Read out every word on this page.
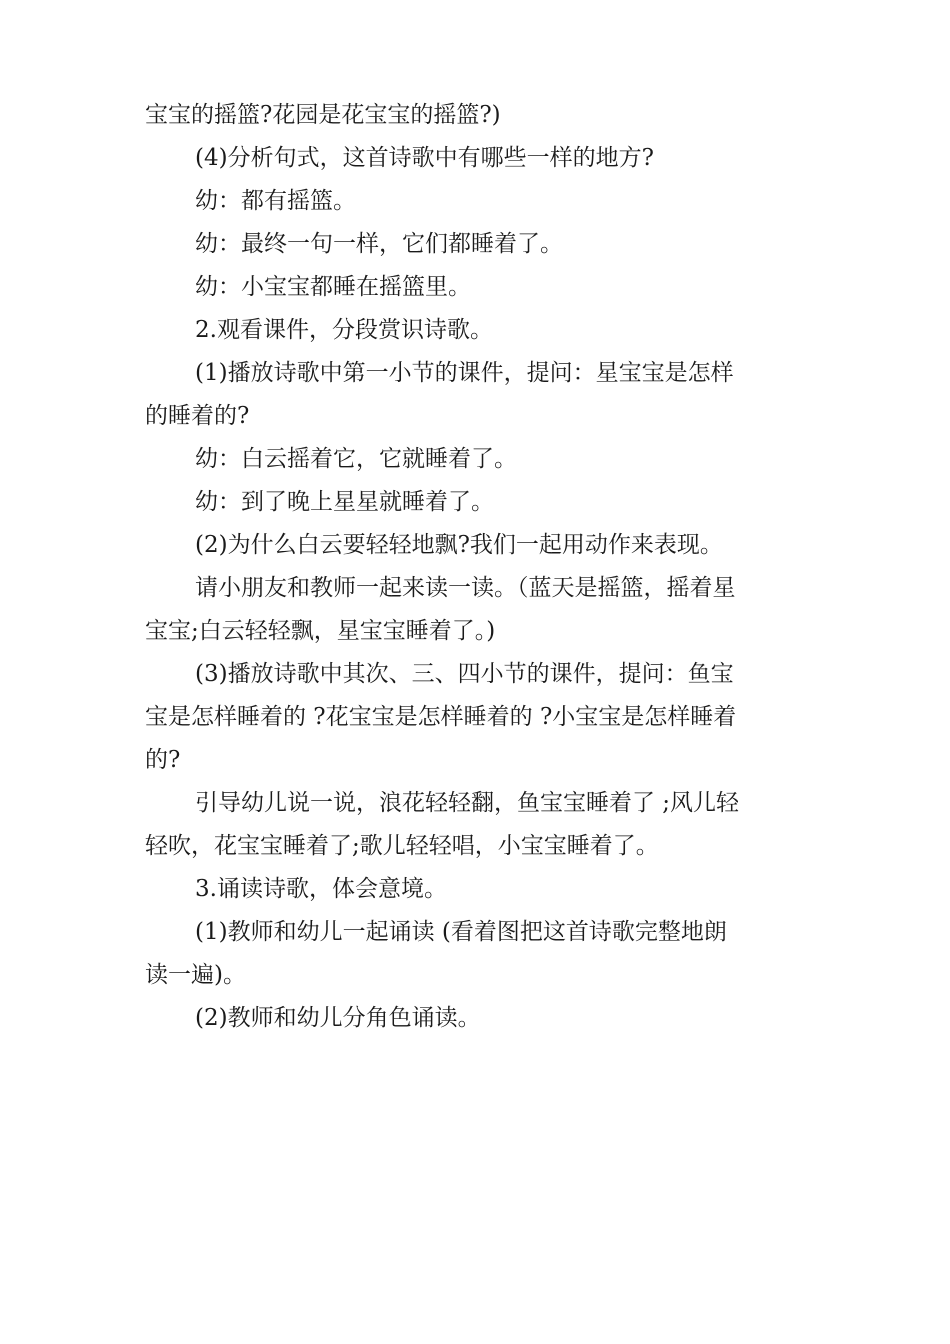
宝宝的摇篮?花园是花宝宝的摇篮?)

(4)分析句式，这首诗歌中有哪些一样的地方?

幼：都有摇篮。

幼：最终一句一样，它们都睡着了。

幼：小宝宝都睡在摇篮里。

2.观看课件，分段赏识诗歌。

(1)播放诗歌中第一小节的课件，提问：星宝宝是怎样

的睡着的?

幼：白云摇着它，它就睡着了。

幼：到了晚上星星就睡着了。

(2)为什么白云要轻轻地飘?我们一起用动作来表现。

请小朋友和教师一起来读一读。（蓝天是摇篮，摇着星

宝宝;白云轻轻飘，星宝宝睡着了。)

(3)播放诗歌中其次、三、四小节的课件，提问：鱼宝

宝是怎样睡着的 ?花宝宝是怎样睡着的 ?小宝宝是怎样睡着

的?

引导幼儿说一说，浪花轻轻翻，鱼宝宝睡着了 ;风儿轻

轻吹，花宝宝睡着了;歌儿轻轻唱，小宝宝睡着了。

3.诵读诗歌，体会意境。

(1)教师和幼儿一起诵读 (看着图把这首诗歌完整地朗

读一遍)。

(2)教师和幼儿分角色诵读。
